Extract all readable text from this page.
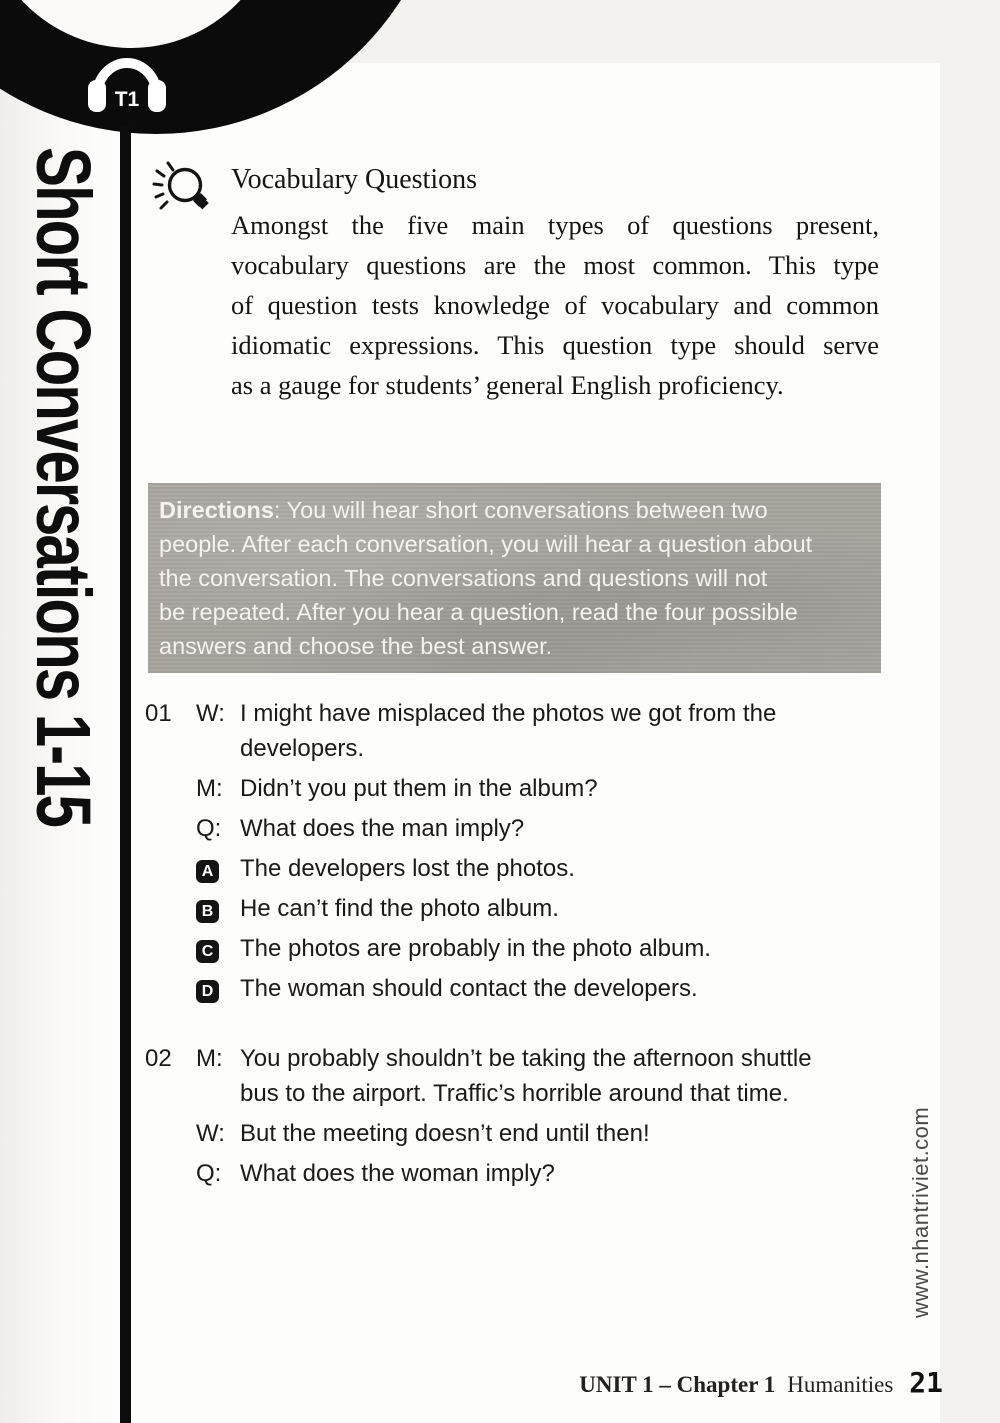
T1
Short Conversations 1-15	Vocabulary Questions
Amongst the five main types of questions present,
vocabulary questions are the most common. This type
of question tests knowledge of vocabulary and common
idiomatic expressions. This question type should serve
as a gauge for students’ general English proficiency.
Directions: You will hear short conversations between two
people. After each conversation, you will hear a question about
the conversation. The conversations and questions will not
be repeated. After you hear a question, read the four possible
answers and choose the best answer.
01	W: I might have misplaced the photos we got from the
developers.
M: Didn’t you put them in the album?
Q: What does the man imply?
A	The developers lost the photos.
B	He can’t find the photo album.
C	The photos are probably in the photo album.
D	The woman should contact the developers.
02	M: You probably shouldn’t be taking the afternoon shuttle
bus to the airport. Traffic’s horrible around that time.
W: But the meeting doesn’t end until then!
Q: What does the woman imply?	www.nhantriviet.com
UNIT 1 – Chapter 1 Humanities 21
